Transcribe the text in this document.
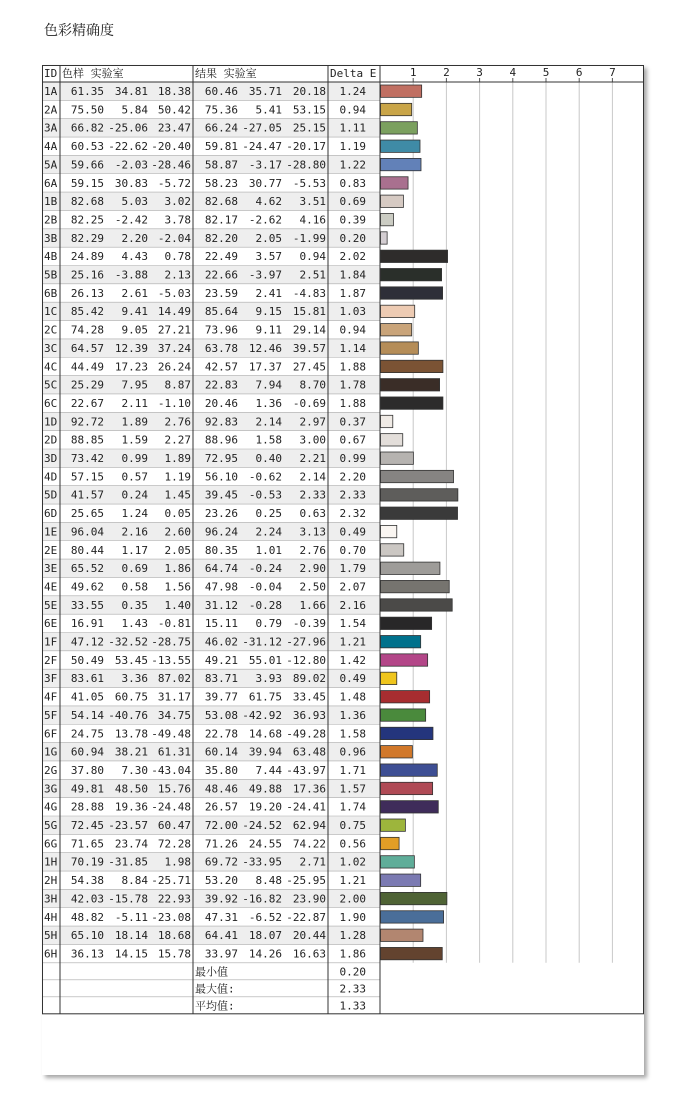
色彩精确度
1 2 3 4 5 6 7
ID 色样 实验室	结果 实验室	Delta E
1A 61.35 34.81 18.38 60.46 35.71 20.18 1.24
2A 75.50 5.84 50.42 75.36 5.41 53.15 0.94
3A 66.82 -25.06 23.47 66.24 -27.05 25.15 1.11
4A 60.53 -22.62 -20.40 59.81 -24.47 -20.17 1.19
5A 59.66 -2.03 -28.46 58.87 -3.17 -28.80 1.22
6A 59.15 30.83 -5.72 58.23 30.77 -5.53 0.83
1B 82.68 5.03 3.02 82.68 4.62 3.51 0.69
2B 82.25 -2.42 3.78 82.17 -2.62 4.16 0.39
3B 82.29 2.20 -2.04 82.20 2.05 -1.99 0.20
4B 24.89 4.43 0.78 22.49 3.57 0.94 2.02
5B 25.16 -3.88 2.13 22.66 -3.97 2.51 1.84
6B 26.13 2.61 -5.03 23.59 2.41 -4.83 1.87
1C 85.42 9.41 14.49 85.64 9.15 15.81 1.03
2C 74.28 9.05 27.21 73.96 9.11 29.14 0.94
3C 64.57 12.39 37.24 63.78 12.46 39.57 1.14
4C 44.49 17.23 26.24 42.57 17.37 27.45 1.88
5C 25.29 7.95 8.87 22.83 7.94 8.70 1.78
6C 22.67 2.11 -1.10 20.46 1.36 -0.69 1.88
1D 92.72 1.89 2.76 92.83 2.14 2.97 0.37
2D 88.85 1.59 2.27 88.96 1.58 3.00 0.67
3D 73.42 0.99 1.89 72.95 0.40 2.21 0.99
4D 57.15 0.57 1.19 56.10 -0.62 2.14 2.20
5D 41.57 0.24 1.45 39.45 -0.53 2.33 2.33
6D 25.65 1.24 0.05 23.26 0.25 0.63 2.32
1E 96.04 2.16 2.60 96.24 2.24 3.13 0.49
2E 80.44 1.17 2.05 80.35 1.01 2.76 0.70
3E 65.52 0.69 1.86 64.74 -0.24 2.90 1.79
4E 49.62 0.58 1.56 47.98 -0.04 2.50 2.07
5E 33.55 0.35 1.40 31.12 -0.28 1.66 2.16
6E 16.91 1.43 -0.81 15.11 0.79 -0.39 1.54
1F 47.12 -32.52 -28.75 46.02 -31.12 -27.96 1.21
2F 50.49 53.45 -13.55 49.21 55.01 -12.80 1.42
3F 83.61 3.36 87.02 83.71 3.93 89.02 0.49
4F 41.05 60.75 31.17 39.77 61.75 33.45 1.48
5F 54.14 -40.76 34.75 53.08 -42.92 36.93 1.36
6F 24.75 13.78 -49.48 22.78 14.68 -49.28 1.58
1G 60.94 38.21 61.31 60.14 39.94 63.48 0.96
2G 37.80 7.30 -43.04 35.80 7.44 -43.97 1.71
3G 49.81 48.50 15.76 48.46 49.88 17.36 1.57
4G 28.88 19.36 -24.48 26.57 19.20 -24.41 1.74
5G 72.45 -23.57 60.47 72.00 -24.52 62.94 0.75
6G 71.65 23.74 72.28 71.26 24.55 74.22 0.56
1H 70.19 -31.85 1.98 69.72 -33.95 2.71 1.02
2H 54.38 8.84 -25.71 53.20 8.48 -25.95 1.21
3H 42.03 -15.78 22.93 39.92 -16.82 23.90 2.00
4H 48.82 -5.11 -23.08 47.31 -6.52 -22.87 1.90
5H 65.10 18.14 18.68 64.41 18.07 20.44 1.28
6H 36.13 14.15 15.78 33.97 14.26 16.63 1.86
最小值	0.20
最大值:	2.33
平均值:	1.33
